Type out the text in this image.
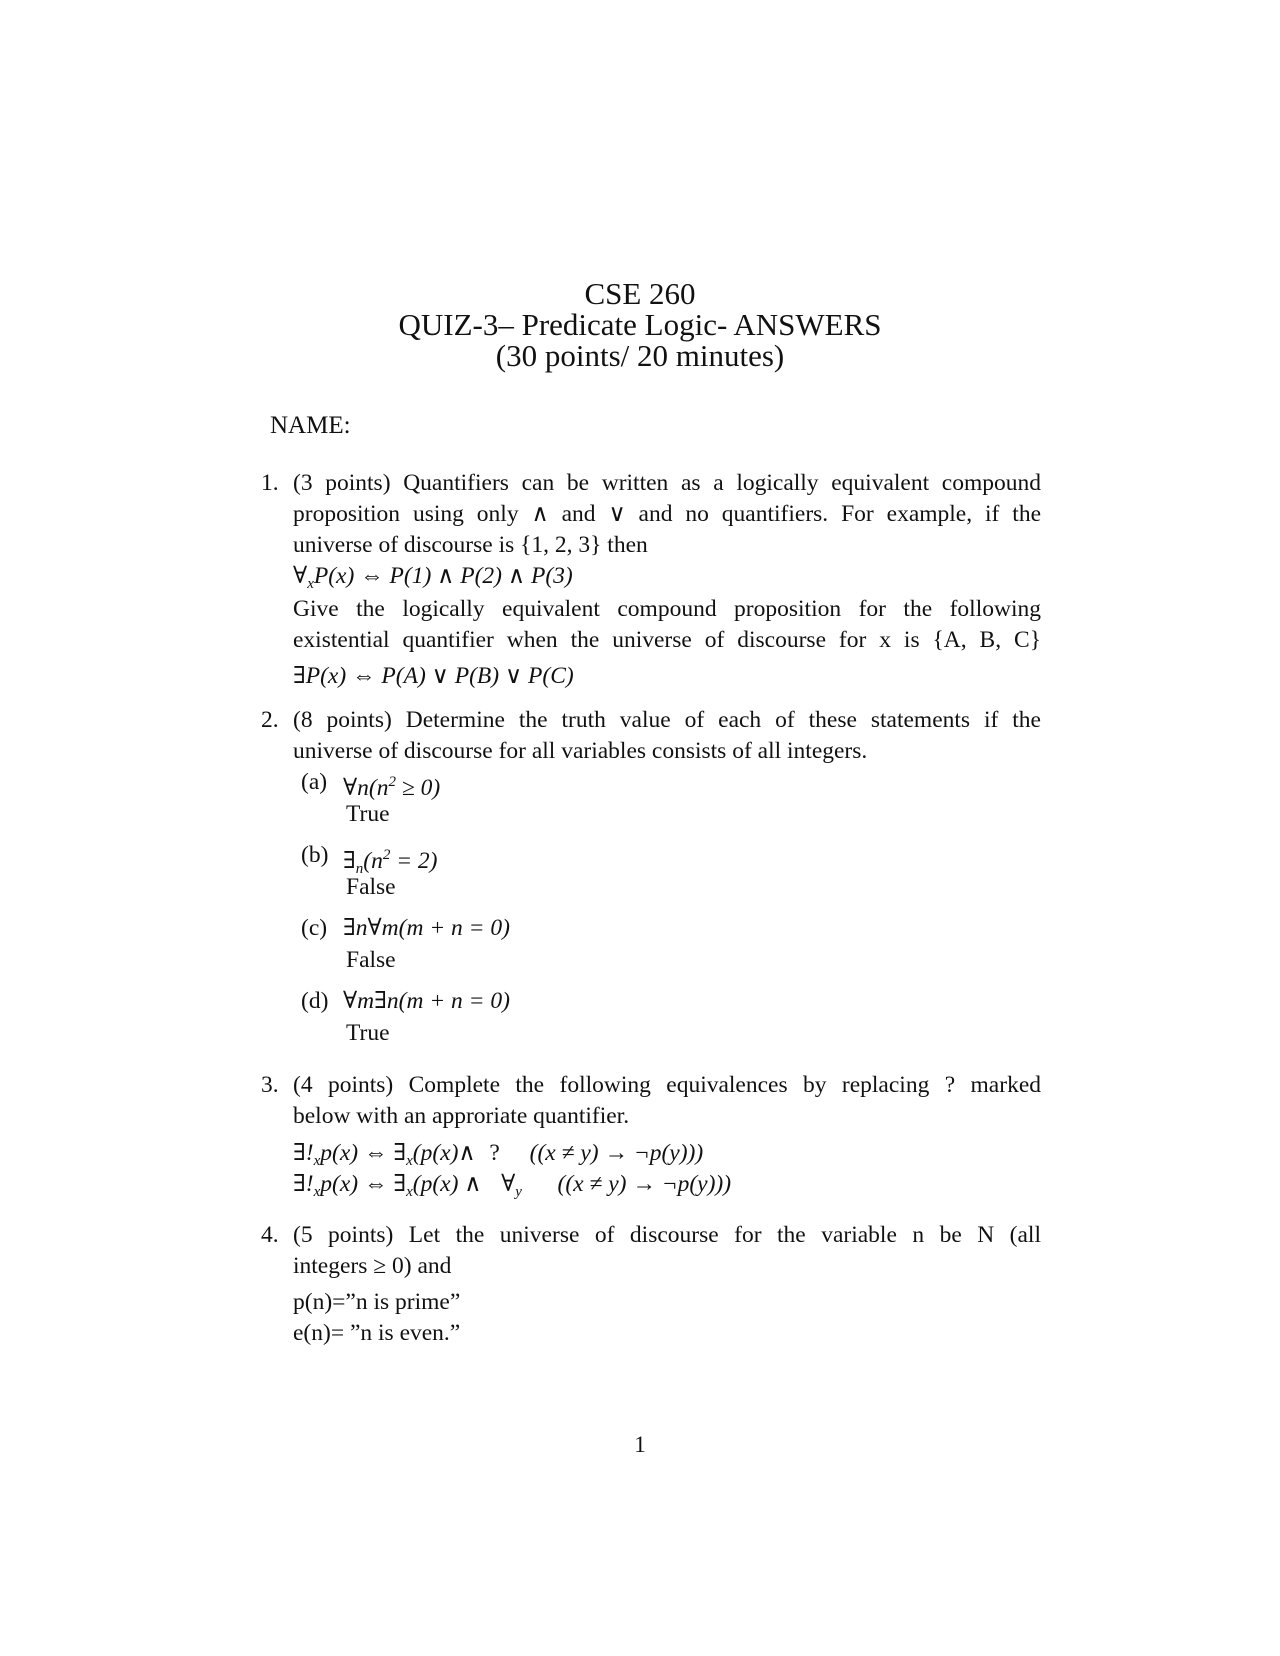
CSE 260
QUIZ-3– Predicate Logic- ANSWERS
(30 points/ 20 minutes)
NAME:
1. (3 points) Quantifiers can be written as a logically equivalent compound
proposition using only ∧ and ∨ and no quantifiers. For example, if the
universe of discourse is {1, 2, 3} then
$\forall_xP(x)$ ⇔ P(1) ∧ P(2) ∧ P(3)
Give the logically equivalent compound proposition for the following
existential quantifier when the universe of discourse for x is {A, B, C}
∃P(x) ⇔ P(A) ∨ P(B) ∨ P(C)
2. (8 points) Determine the truth value of each of these statements if the
universe of discourse for all variables consists of all integers.
(a) $\forall n(n^2 \ge 0)$
True
(b) $\exists_n(n^2 = 2)$
False
(c) ∃n∀m(m + n = 0)
False
(d) ∀m∃n(m + n = 0)
True
3. (4 points) Complete the following equivalences by replacing ? marked
below with an approriate quantifier.
$\exists!_xp(x)$ ⇔ $\exists_x(p(x)\wedge$ ? ((x ≠ y) → ¬p(y)))
$\exists!_xp(x)$ ⇔ $\exists_x(p(x)$ ∧ $\forall_y$ ((x ≠ y) → ¬p(y)))
4. (5 points) Let the universe of discourse for the variable n be N (all
integers ≥ 0) and
p(n)=”n is prime”
e(n)= ”n is even.”
1
